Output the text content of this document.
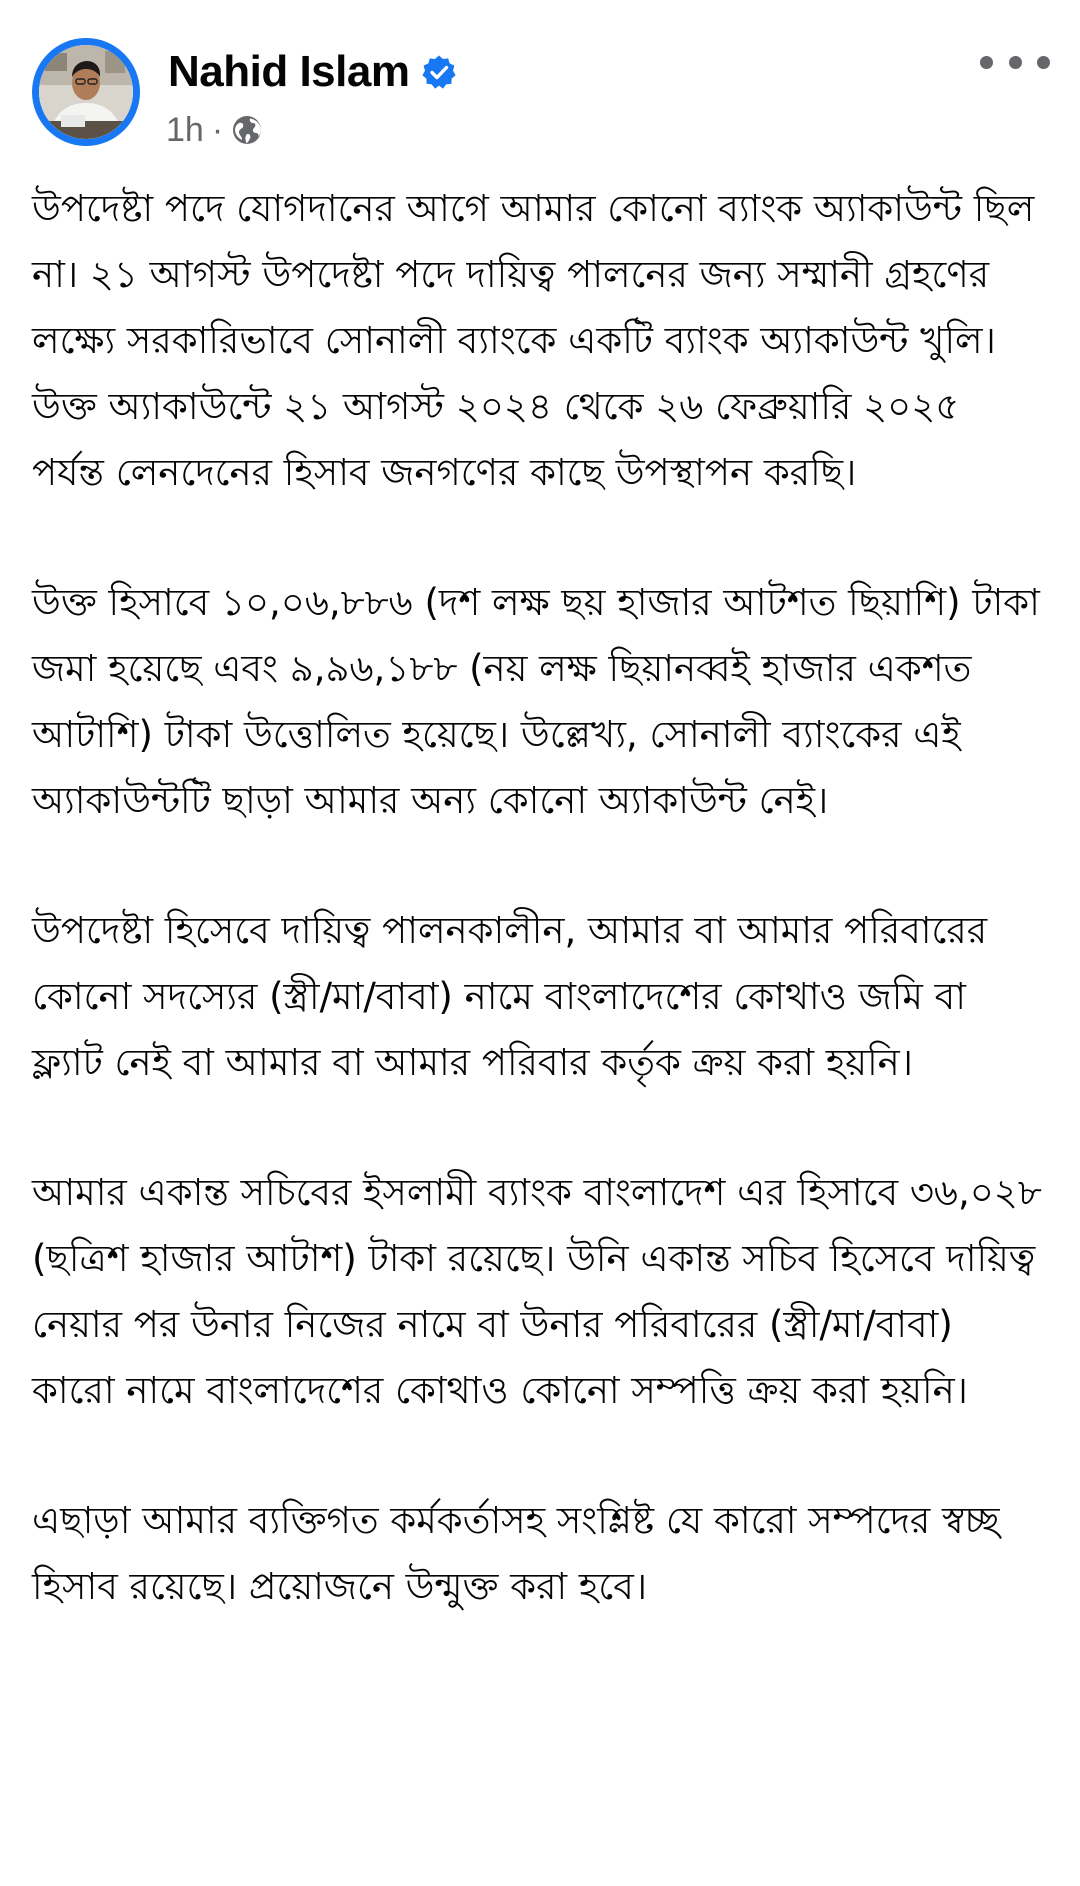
Nahid Islam
1h ·

উপদেষ্টা পদে যোগদানের আগে আমার কোনো ব্যাংক অ্যাকাউন্ট ছিল না। ২১ আগস্ট উপদেষ্টা পদে দায়িত্ব পালনের জন্য সম্মানী গ্রহণের লক্ষ্যে সরকারিভাবে সোনালী ব্যাংকে একটি ব্যাংক অ্যাকাউন্ট খুলি। উক্ত অ্যাকাউন্টে ২১ আগস্ট ২০২৪ থেকে ২৬ ফেব্রুয়ারি ২০২৫ পর্যন্ত লেনদেনের হিসাব জনগণের কাছে উপস্থাপন করছি।

উক্ত হিসাবে ১০,০৬,৮৮৬ (দশ লক্ষ ছয় হাজার আটশত ছিয়াশি) টাকা জমা হয়েছে এবং ৯,৯৬,১৮৮ (নয় লক্ষ ছিয়ানব্বই হাজার একশত আটাশি) টাকা উত্তোলিত হয়েছে। উল্লেখ্য, সোনালী ব্যাংকের এই অ্যাকাউন্টটি ছাড়া আমার অন্য কোনো অ্যাকাউন্ট নেই।

উপদেষ্টা হিসেবে দায়িত্ব পালনকালীন, আমার বা আমার পরিবারের কোনো সদস্যের (স্ত্রী/মা/বাবা) নামে বাংলাদেশের কোথাও জমি বা ফ্ল্যাট নেই বা আমার বা আমার পরিবার কর্তৃক ক্রয় করা হয়নি।

আমার একান্ত সচিবের ইসলামী ব্যাংক বাংলাদেশ এর হিসাবে ৩৬,০২৮ (ছত্রিশ হাজার আটাশ) টাকা রয়েছে। উনি একান্ত সচিব হিসেবে দায়িত্ব নেয়ার পর উনার নিজের নামে বা উনার পরিবারের (স্ত্রী/মা/বাবা) কারো নামে বাংলাদেশের কোথাও কোনো সম্পত্তি ক্রয় করা হয়নি।

এছাড়া আমার ব্যক্তিগত কর্মকর্তাসহ সংশ্লিষ্ট যে কারো সম্পদের স্বচ্ছ হিসাব রয়েছে। প্রয়োজনে উন্মুক্ত করা হবে।
